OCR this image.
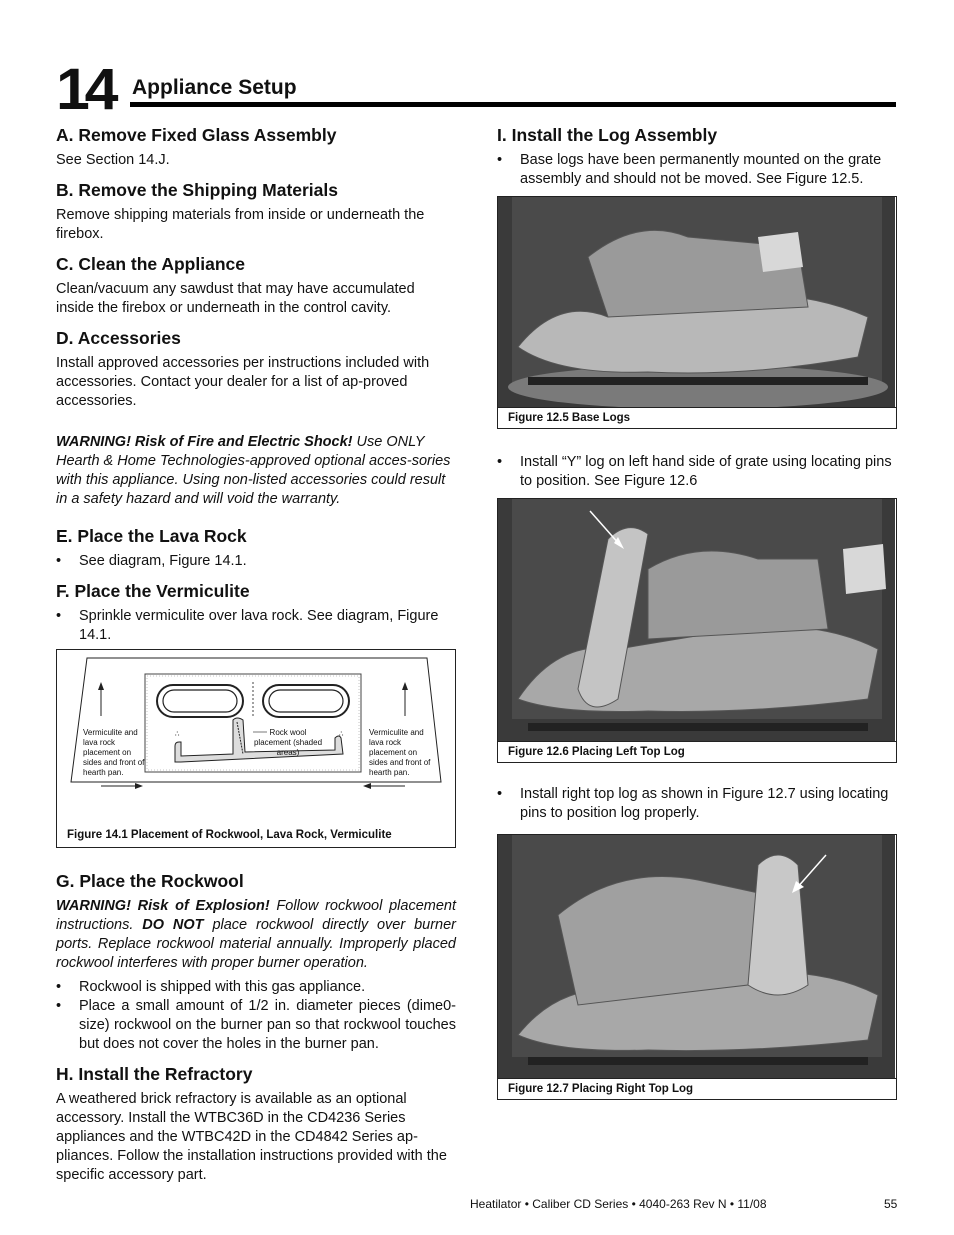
14 Appliance Setup
A. Remove Fixed Glass Assembly

See Section 14.J.

B. Remove the Shipping Materials

Remove shipping materials from inside or underneath the firebox.

C. Clean the Appliance

Clean/vacuum any sawdust that may have accumulated inside the firebox or underneath in the control cavity.

D. Accessories

Install approved accessories per instructions included with accessories. Contact your dealer for a list of ap-proved accessories.

WARNING! Risk of Fire and Electric Shock! Use ONLY Hearth & Home Technologies-approved optional acces-sories with this appliance. Using non-listed accessories could result in a safety hazard and will void the warranty.

E. Place the Lava Rock
• See diagram, Figure 14.1.
F. Place the Vermiculite
• Sprinkle vermiculite over lava rock. See diagram, Figure 14.1.
∴	∴
Vermiculite and lava rock placement on sides and front of hearth pan.
Vermiculite and lava rock placement on sides and front of hearth pan.
Rock wool placement (shaded areas)
Figure 14.1 Placement of Rockwool, Lava Rock, Vermiculite
G. Place the Rockwool

WARNING! Risk of Explosion! Follow rockwool placement instructions. DO NOT place rockwool directly over burner ports. Replace rockwool material annually. Improperly placed rockwool interferes with proper burner operation.

• Rockwool is shipped with this gas appliance.
• Place a small amount of 1/2 in. diameter pieces (dime0-size) rockwool on the burner pan so that rockwool touches but does not cover the holes in the burner pan.
H. Install the Refractory

A weathered brick refractory is available as an optional accessory. Install the WTBC36D in the CD4236 Series appliances and the WTBC42D in the CD4842 Series ap-pliances. Follow the installation instructions provided with the specific accessory part.

I. Install the Log Assembly
• Base logs have been permanently mounted on the grate assembly and should not be moved. See Figure 12.5.
Figure 12.5 Base Logs
• Install “Y” log on left hand side of grate using locating pins to position. See Figure 12.6
Figure 12.6 Placing Left Top Log
• Install right top log as shown in Figure 12.7 using locating pins to position log properly.
Figure 12.7 Placing Right Top Log
Heatilator • Caliber CD Series • 4040-263 Rev N • 11/08	55
